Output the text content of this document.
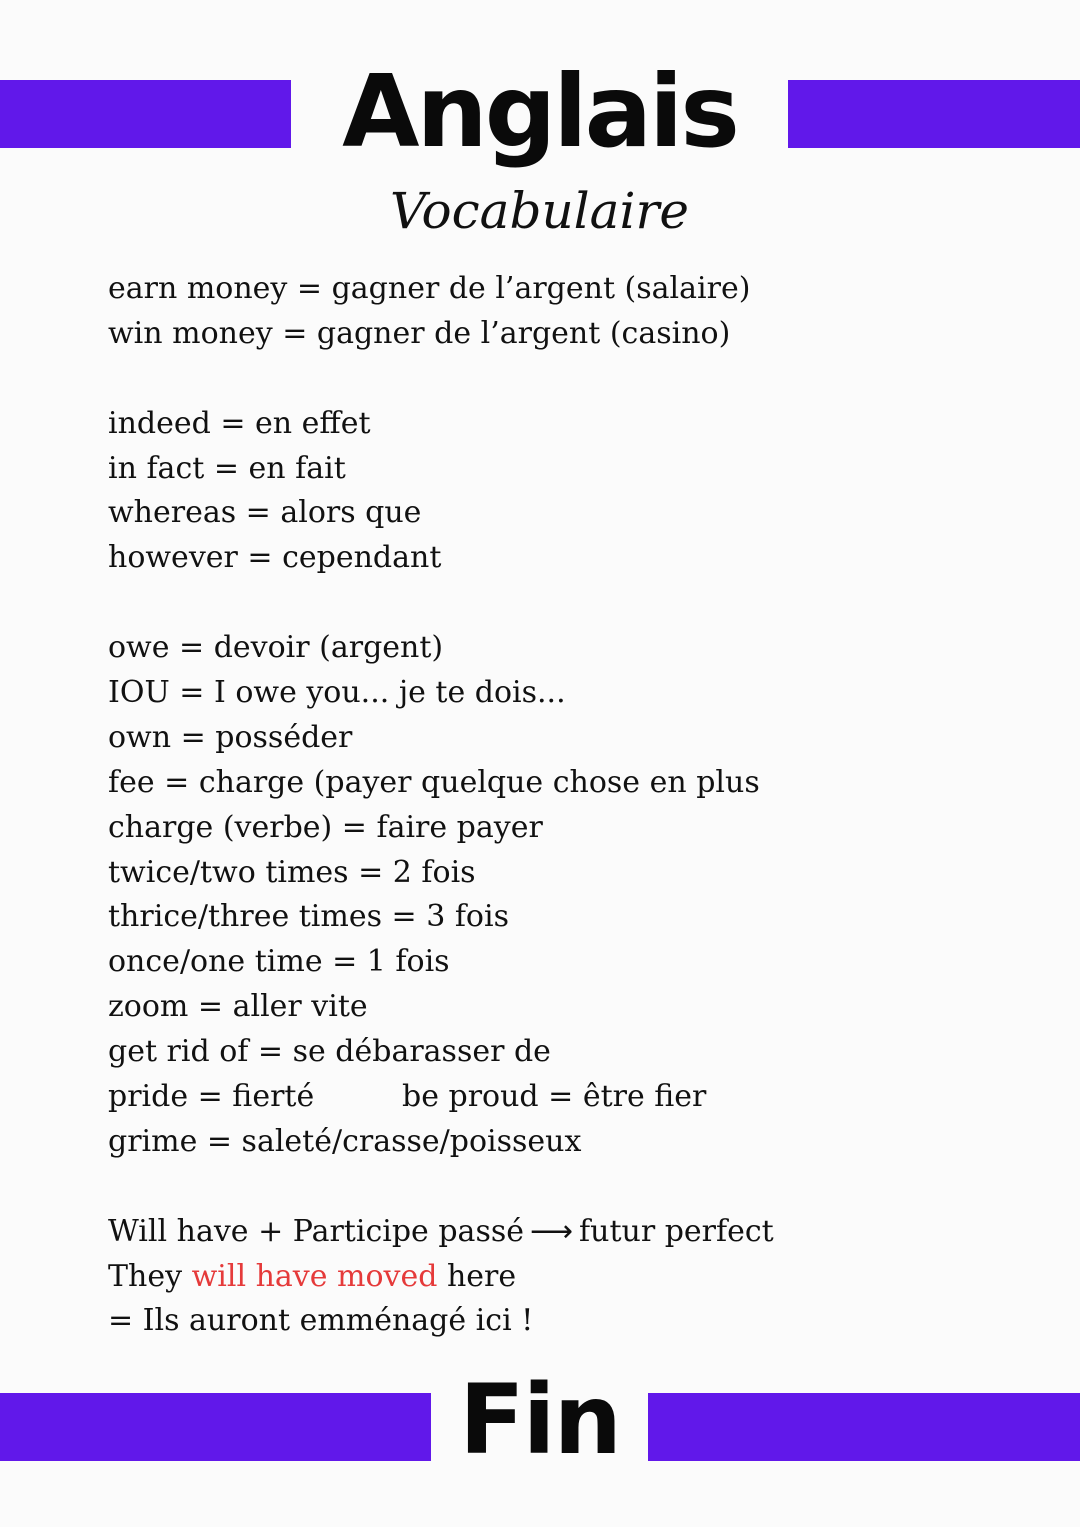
Anglais
Vocabulaire
earn money = gagner de l’argent (salaire)
win money = gagner de l’argent (casino)
indeed = en effet
in fact = en fait
whereas = alors que
however = cependant
owe = devoir (argent)
IOU = I owe you... je te dois...
own = posséder
fee = charge (payer quelque chose en plus
charge (verbe) = faire payer
twice/two times = 2 fois
thrice/three times = 3 fois
once/one time = 1 fois
zoom = aller vite
get rid of = se débarasser de
pride = fierté	be proud = être fier
grime = saleté/crasse/poisseux
Will have + Participe passé ⟶ futur perfect
They will have moved here
= Ils auront emménagé ici !
Fin
